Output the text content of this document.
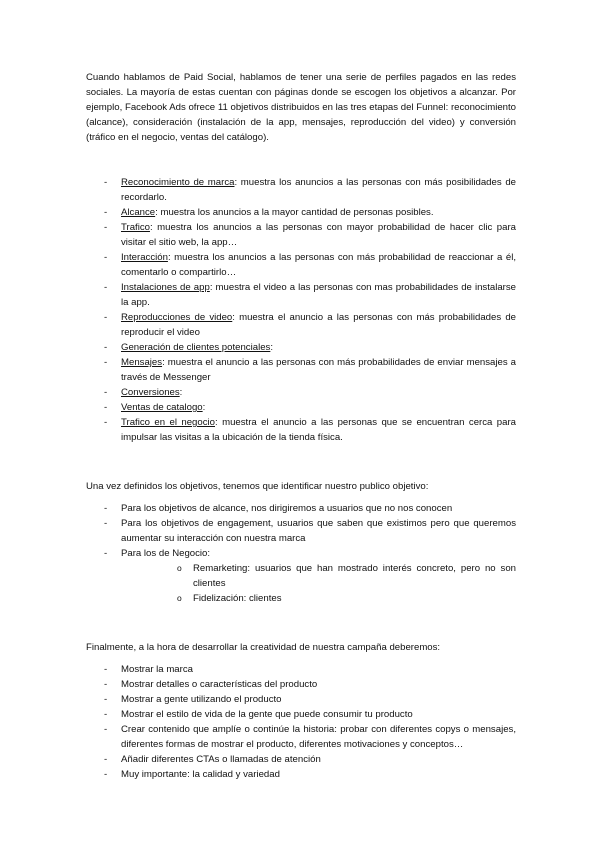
Cuando hablamos de Paid Social, hablamos de tener una serie de perfiles pagados en las redes sociales. La mayoría de estas cuentan con páginas donde se escogen los objetivos a alcanzar. Por ejemplo, Facebook Ads ofrece 11 objetivos distribuidos en las tres etapas del Funnel: reconocimiento (alcance), consideración (instalación de la app, mensajes, reproducción del video) y conversión (tráfico en el negocio, ventas del catálogo).

- Reconocimiento de marca: muestra los anuncios a las personas con más posibilidades de recordarlo.
- Alcance: muestra los anuncios a la mayor cantidad de personas posibles.
- Trafico: muestra los anuncios a las personas con mayor probabilidad de hacer clic para visitar el sitio web, la app…
- Interacción: muestra los anuncios a las personas con más probabilidad de reaccionar a él, comentarlo o compartirlo…
- Instalaciones de app: muestra el video a las personas con mas probabilidades de instalarse la app.
- Reproducciones de video: muestra el anuncio a las personas con más probabilidades de reproducir el video
- Generación de clientes potenciales:
- Mensajes: muestra el anuncio a las personas con más probabilidades de enviar mensajes a través de Messenger
- Conversiones:
- Ventas de catalogo:
- Trafico en el negocio: muestra el anuncio a las personas que se encuentran cerca para impulsar las visitas a la ubicación de la tienda física.

Una vez definidos los objetivos, tenemos que identificar nuestro publico objetivo:

- Para los objetivos de alcance, nos dirigiremos a usuarios que no nos conocen
- Para los objetivos de engagement, usuarios que saben que existimos pero que queremos aumentar su interacción con nuestra marca
- Para los de Negocio:
o Remarketing: usuarios que han mostrado interés concreto, pero no son clientes
o Fidelización: clientes

Finalmente, a la hora de desarrollar la creatividad de nuestra campaña deberemos:

- Mostrar la marca
- Mostrar detalles o características del producto
- Mostrar a gente utilizando el producto
- Mostrar el estilo de vida de la gente que puede consumir tu producto
- Crear contenido que amplíe o continúe la historia: probar con diferentes copys o mensajes, diferentes formas de mostrar el producto, diferentes motivaciones y conceptos…
- Añadir diferentes CTAs o llamadas de atención
- Muy importante: la calidad y variedad
